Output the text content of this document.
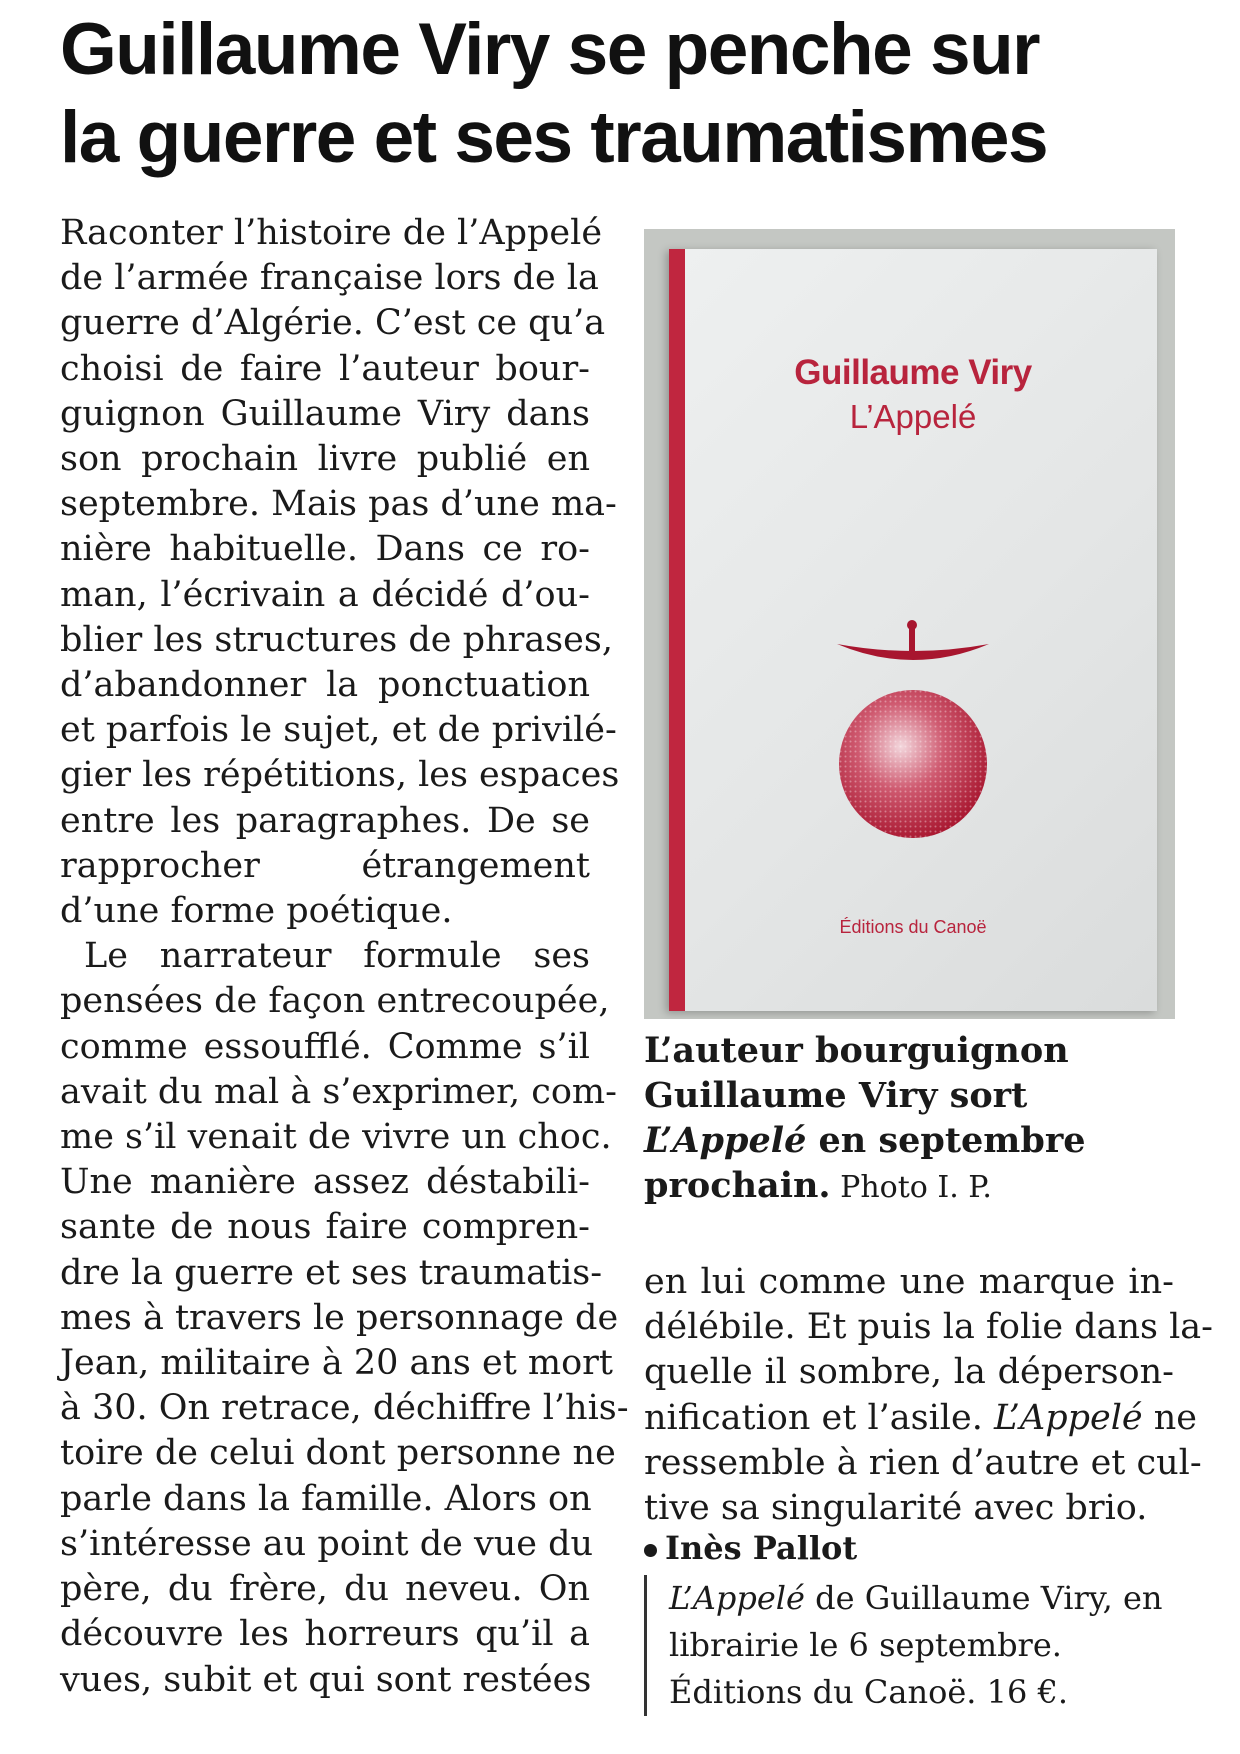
Guillaume Viry se penche sur
la guerre et ses traumatismes
Raconter l’histoire de l’Appelé
de l’armée française lors de la
guerre d’Algérie. C’est ce qu’a
choisi de faire l’auteur bour-
guignon Guillaume Viry dans
son prochain livre publié en
septembre. Mais pas d’une ma-
nière habituelle. Dans ce ro-
man, l’écrivain a décidé d’ou-
blier les structures de phrases,
d’abandonner la ponctuation
et parfois le sujet, et de privilé-
gier les répétitions, les espaces
entre les paragraphes. De se
rapprocher étrangement
d’une forme poétique.
Le narrateur formule ses
pensées de façon entrecoupée,
comme essoufflé. Comme s’il
avait du mal à s’exprimer, com-
me s’il venait de vivre un choc.
Une manière assez déstabili-
sante de nous faire compren-
dre la guerre et ses traumatis-
mes à travers le personnage de
Jean, militaire à 20 ans et mort
à 30. On retrace, déchiffre l’his-
toire de celui dont personne ne
parle dans la famille. Alors on
s’intéresse au point de vue du
père, du frère, du neveu. On
découvre les horreurs qu’il a
vues, subit et qui sont restées
Guillaume Viry
L’Appelé
Éditions du Canoë
L’auteur bourguignon
Guillaume Viry sort
L’Appelé en septembre
prochain. Photo I. P.
en lui comme une marque in-
délébile. Et puis la folie dans la-
quelle il sombre, la déperson-
nification et l’asile. L’Appelé ne
ressemble à rien d’autre et cul-
tive sa singularité avec brio.
Inès Pallot
L’Appelé de Guillaume Viry, en
librairie le 6 septembre.
Éditions du Canoë. 16 €.
